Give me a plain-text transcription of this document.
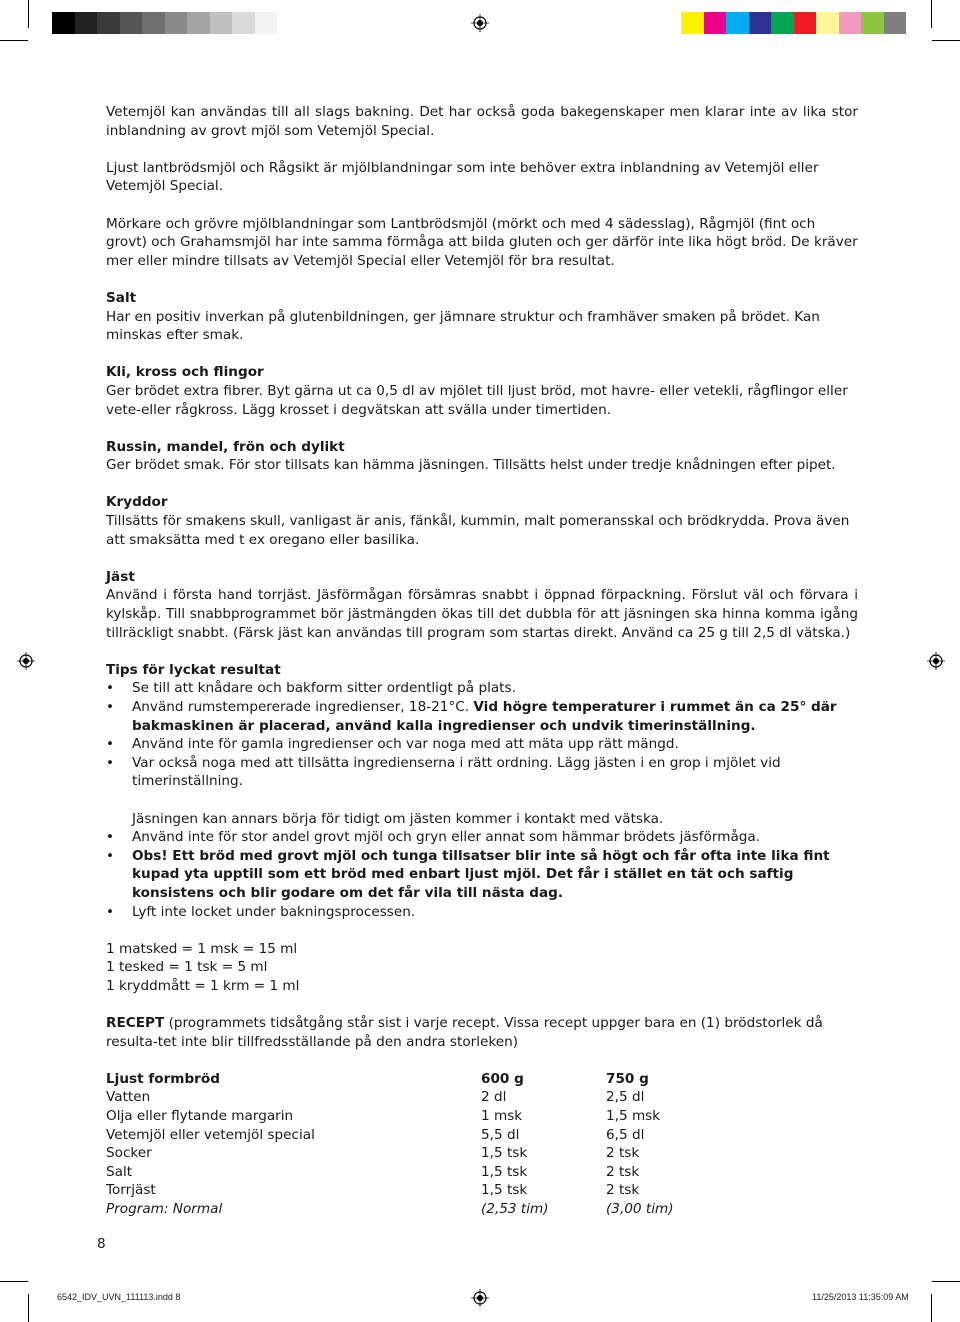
Vetemjöl kan användas till all slags bakning. Det har också goda bakegenskaper men klarar inte av lika stor inblandning av grovt mjöl som Vetemjöl Special.

Ljust lantbrödsmjöl och Rågsikt är mjölblandningar som inte behöver extra inblandning av Vetemjöl eller Vetemjöl Special.

Mörkare och grövre mjölblandningar som Lantbrödsmjöl (mörkt och med 4 sädesslag), Rågmjöl (fint och grovt) och Grahamsmjöl har inte samma förmåga att bilda gluten och ger därför inte lika högt bröd. De kräver mer eller mindre tillsats av Vetemjöl Special eller Vetemjöl för bra resultat.

Salt

Har en positiv inverkan på glutenbildningen, ger jämnare struktur och framhäver smaken på brödet. Kan minskas efter smak.

Kli, kross och flingor

Ger brödet extra fibrer. Byt gärna ut ca 0,5 dl av mjölet till ljust bröd, mot havre- eller vetekli, rågflingor eller vete-eller rågkross. Lägg krosset i degvätskan att svälla under timertiden.

Russin, mandel, frön och dylikt

Ger brödet smak. För stor tillsats kan hämma jäsningen. Tillsätts helst under tredje knådningen efter pipet.

Kryddor

Tillsätts för smakens skull, vanligast är anis, fänkål, kummin, malt pomeransskal och brödkrydda. Prova även att smaksätta med t ex oregano eller basilika.

Jäst

Använd i första hand torrjäst. Jäsförmågan försämras snabbt i öppnad förpackning. Förslut väl och förvara i kylskåp. Till snabbprogrammet bör jästmängden ökas till det dubbla för att jäsningen ska hinna komma igång tillräckligt snabbt. (Färsk jäst kan användas till program som startas direkt. Använd ca 25 g till 2,5 dl vätska.)

Tips för lyckat resultat

• Se till att knådare och bakform sitter ordentligt på plats.
• Använd rumstempererade ingredienser, 18-21°C. Vid högre temperaturer i rummet än ca 25° där bakmaskinen är placerad, använd kalla ingredienser och undvik timerinställning.
• Använd inte för gamla ingredienser och var noga med att mäta upp rätt mängd.
• Var också noga med att tillsätta ingredienserna i rätt ordning. Lägg jästen i en grop i mjölet vid timerinställning.
Jäsningen kan annars börja för tidigt om jästen kommer i kontakt med vätska.
• Använd inte för stor andel grovt mjöl och gryn eller annat som hämmar brödets jäsförmåga.
• Obs! Ett bröd med grovt mjöl och tunga tillsatser blir inte så högt och får ofta inte lika fint kupad yta upptill som ett bröd med enbart ljust mjöl. Det får i stället en tät och saftig konsistens och blir godare om det får vila till nästa dag.
• Lyft inte locket under bakningsprocessen.
1 matsked = 1 msk = 15 ml
1 tesked = 1 tsk = 5 ml
1 kryddmått = 1 krm = 1 ml

RECEPT (programmets tidsåtgång står sist i varje recept. Vissa recept uppger bara en (1) brödstorlek då resulta-tet inte blir tillfredsställande på den andra storleken)

Ljust formbröd	600 g	750 g
Vatten	2 dl	2,5 dl
Olja eller flytande margarin	1 msk	1,5 msk
Vetemjöl eller vetemjöl special	5,5 dl	6,5 dl
Socker	1,5 tsk	2 tsk
Salt	1,5 tsk	2 tsk
Torrjäst	1,5 tsk	2 tsk
Program: Normal	(2,53 tim)	(3,00 tim)
8
6542_IDV_UVN_111113.indd 8	11/25/2013 11:35:09 AM
